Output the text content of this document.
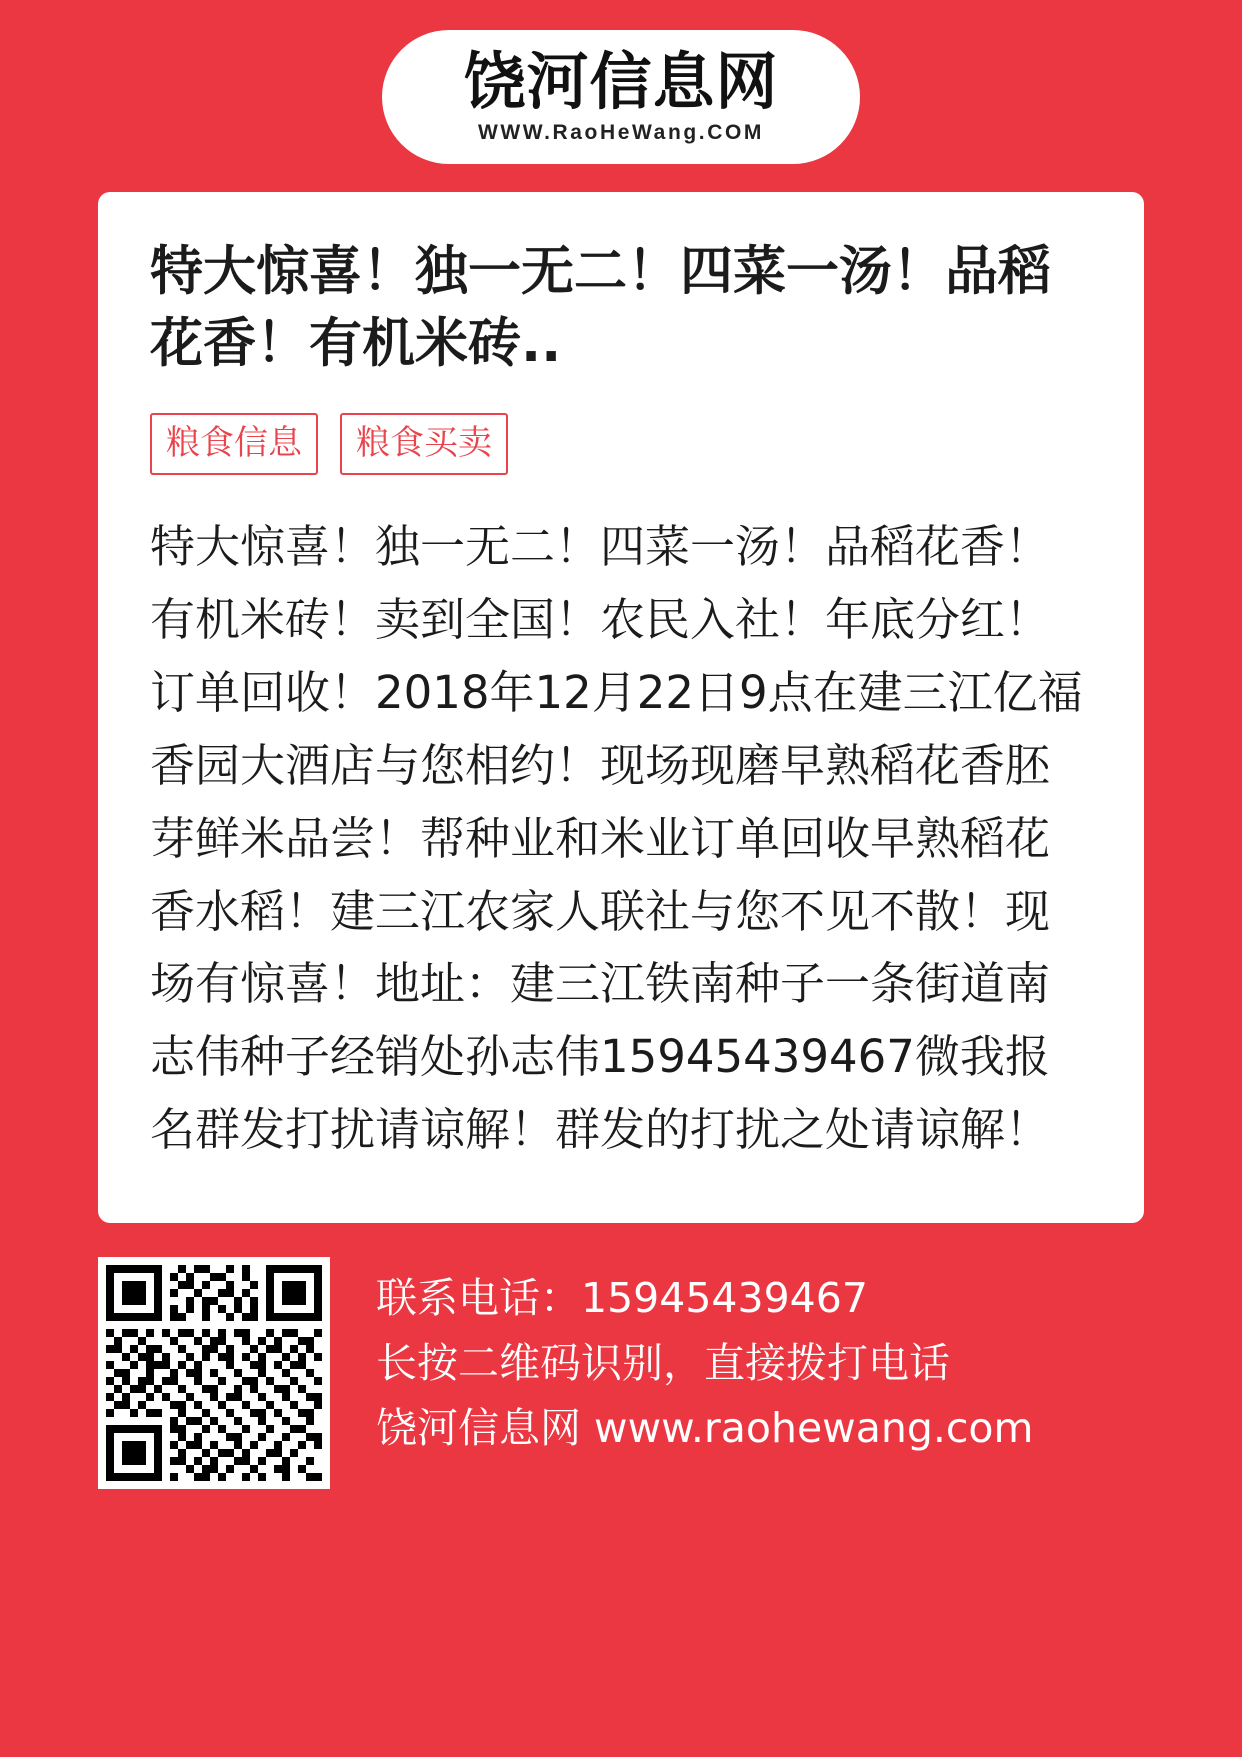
饶河信息网
WWW.RaoHeWang.COM
特大惊喜！独一无二！四菜一汤！品稻花香！有机米砖..
粮食信息	粮食买卖

特大惊喜！独一无二！四菜一汤！品稻花香！有机米砖！卖到全国！农民入社！年底分红！订单回收！2018年12月22日9点在建三江亿福香园大酒店与您相约！现场现磨早熟稻花香胚芽鲜米品尝！帮种业和米业订单回收早熟稻花香水稻！建三江农家人联社与您不见不散！现场有惊喜！地址：建三江铁南种子一条街道南志伟种子经销处孙志伟15945439467微我报名群发打扰请谅解！群发的打扰之处请谅解！

联系电话：15945439467
长按二维码识别，直接拨打电话
饶河信息网 www.raohewang.com
